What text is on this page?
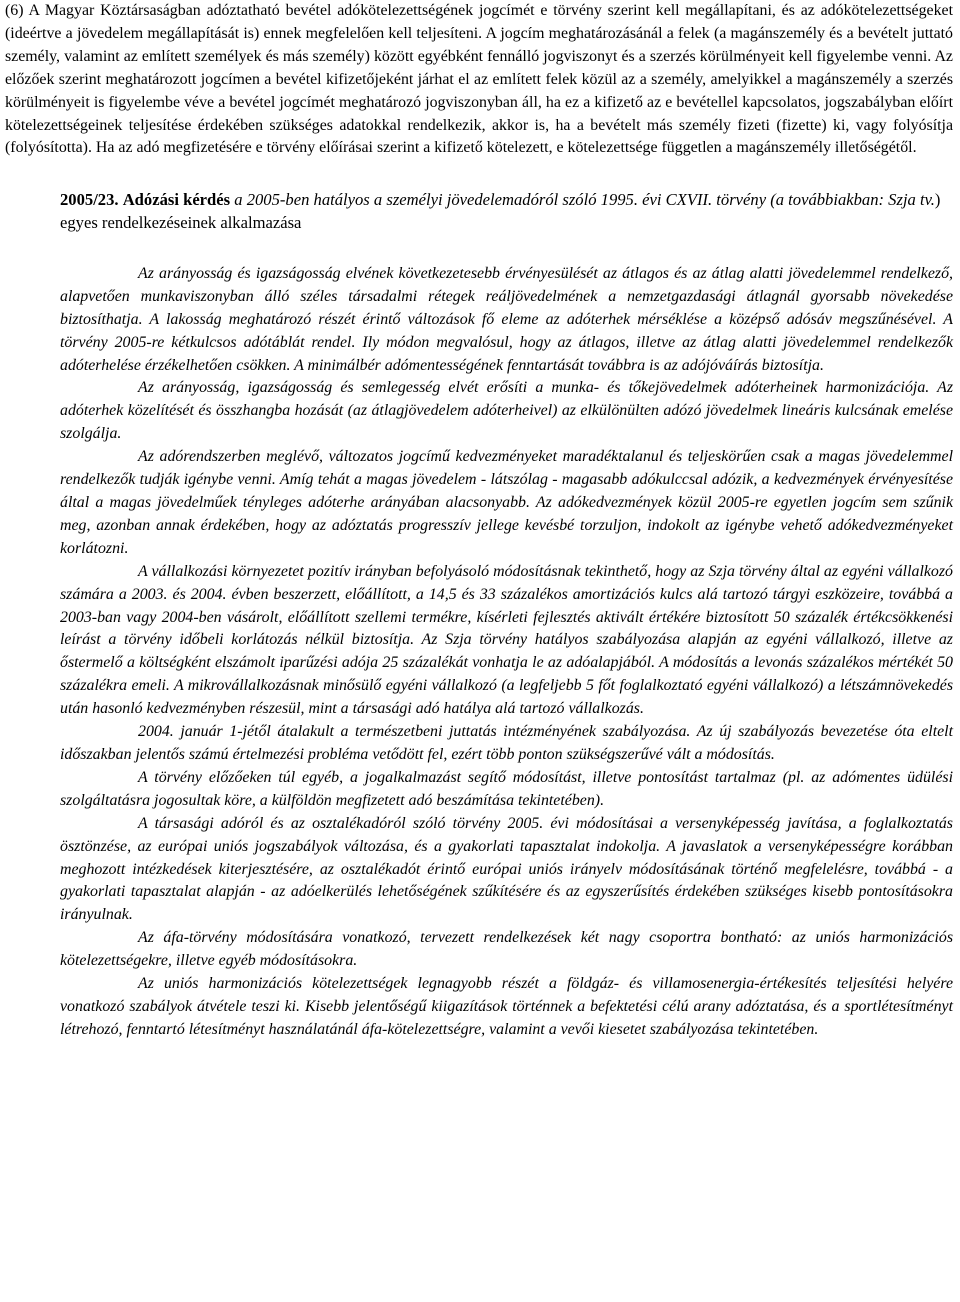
(6) A Magyar Köztársaságban adóztatható bevétel adókötelezettségének jogcímét e törvény szerint kell megállapítani, és az adókötelezettségeket (ideértve a jövedelem megállapítását is) ennek megfelelően kell teljesíteni. A jogcím meghatározásánál a felek (a magánszemély és a bevételt juttató személy, valamint az említett személyek és más személy) között egyébként fennálló jogviszonyt és a szerzés körülményeit kell figyelembe venni. Az előzőek szerint meghatározott jogcímen a bevétel kifizetőjeként járhat el az említett felek közül az a személy, amelyikkel a magánszemély a szerzés körülményeit is figyelembe véve a bevétel jogcímét meghatározó jogviszonyban áll, ha ez a kifizető az e bevétellel kapcsolatos, jogszabályban előírt kötelezettségeinek teljesítése érdekében szükséges adatokkal rendelkezik, akkor is, ha a bevételt más személy fizeti (fizette) ki, vagy folyósítja (folyósította). Ha az adó megfizetésére e törvény előírásai szerint a kifizető kötelezett, e kötelezettsége független a magánszemély illetőségétől.

2005/23. Adózási kérdés a 2005-ben hatályos a személyi jövedelemadóról szóló 1995. évi CXVII. törvény (a továbbiakban: Szja tv.) egyes rendelkezéseinek alkalmazása

Az arányosság és igazságosság elvének következetesebb érvényesülését az átlagos és az átlag alatti jövedelemmel rendelkező, alapvetően munkaviszonyban álló széles társadalmi rétegek reáljövedelmének a nemzetgazdasági átlagnál gyorsabb növekedése biztosíthatja. A lakosság meghatározó részét érintő változások fő eleme az adóterhek mérséklése a középső adósáv megszűnésével. A törvény 2005-re kétkulcsos adótáblát rendel. Ily módon megvalósul, hogy az átlagos, illetve az átlag alatti jövedelemmel rendelkezők adóterhelése érzékelhetően csökken. A minimálbér adómentességének fenntartását továbbra is az adójóváírás biztosítja.

Az arányosság, igazságosság és semlegesség elvét erősíti a munka- és tőkejövedelmek adóterheinek harmonizációja. Az adóterhek közelítését és összhangba hozását (az átlagjövedelem adóterheivel) az elkülönülten adózó jövedelmek lineáris kulcsának emelése szolgálja.

Az adórendszerben meglévő, változatos jogcímű kedvezményeket maradéktalanul és teljeskörűen csak a magas jövedelemmel rendelkezők tudják igénybe venni. Amíg tehát a magas jövedelem - látszólag - magasabb adókulccsal adózik, a kedvezmények érvényesítése által a magas jövedelműek tényleges adóterhe arányában alacsonyabb. Az adókedvezmények közül 2005-re egyetlen jogcím sem szűnik meg, azonban annak érdekében, hogy az adóztatás progresszív jellege kevésbé torzuljon, indokolt az igénybe vehető adókedvezményeket korlátozni.

A vállalkozási környezetet pozitív irányban befolyásoló módosításnak tekinthető, hogy az Szja törvény által az egyéni vállalkozó számára a 2003. és 2004. évben beszerzett, előállított, a 14,5 és 33 százalékos amortizációs kulcs alá tartozó tárgyi eszközeire, továbbá a 2003-ban vagy 2004-ben vásárolt, előállított szellemi termékre, kísérleti fejlesztés aktivált értékére biztosított 50 százalék értékcsökkenési leírást a törvény időbeli korlátozás nélkül biztosítja. Az Szja törvény hatályos szabályozása alapján az egyéni vállalkozó, illetve az őstermelő a költségként elszámolt iparűzési adója 25 százalékát vonhatja le az adóalapjából. A módosítás a levonás százalékos mértékét 50 százalékra emeli. A mikrovállalkozásnak minősülő egyéni vállalkozó (a legfeljebb 5 főt foglalkoztató egyéni vállalkozó) a létszámnövekedés után hasonló kedvezményben részesül, mint a társasági adó hatálya alá tartozó vállalkozás.

2004. január 1-jétől átalakult a természetbeni juttatás intézményének szabályozása. Az új szabályozás bevezetése óta eltelt időszakban jelentős számú értelmezési probléma vetődött fel, ezért több ponton szükségszerűvé vált a módosítás.

A törvény előzőeken túl egyéb, a jogalkalmazást segítő módosítást, illetve pontosítást tartalmaz (pl. az adómentes üdülési szolgáltatásra jogosultak köre, a külföldön megfizetett adó beszámítása tekintetében).

A társasági adóról és az osztalékadóról szóló törvény 2005. évi módosításai a versenyképesség javítása, a foglalkoztatás ösztönzése, az európai uniós jogszabályok változása, és a gyakorlati tapasztalat indokolja. A javaslatok a versenyképességre korábban meghozott intézkedések kiterjesztésére, az osztalékadót érintő európai uniós irányelv módosításának történő megfelelésre, továbbá - a gyakorlati tapasztalat alapján - az adóelkerülés lehetőségének szűkítésére és az egyszerűsítés érdekében szükséges kisebb pontosításokra irányulnak.

Az áfa-törvény módosítására vonatkozó, tervezett rendelkezések két nagy csoportra bontható: az uniós harmonizációs kötelezettségekre, illetve egyéb módosításokra.

Az uniós harmonizációs kötelezettségek legnagyobb részét a földgáz- és villamosenergia-értékesítés teljesítési helyére vonatkozó szabályok átvétele teszi ki. Kisebb jelentőségű kiigazítások történnek a befektetési célú arany adóztatása, és a sportlétesítményt létrehozó, fenntartó létesítményt használatánál áfa-kötelezettségre, valamint a vevői kiesetet szabályozása tekintetében.
